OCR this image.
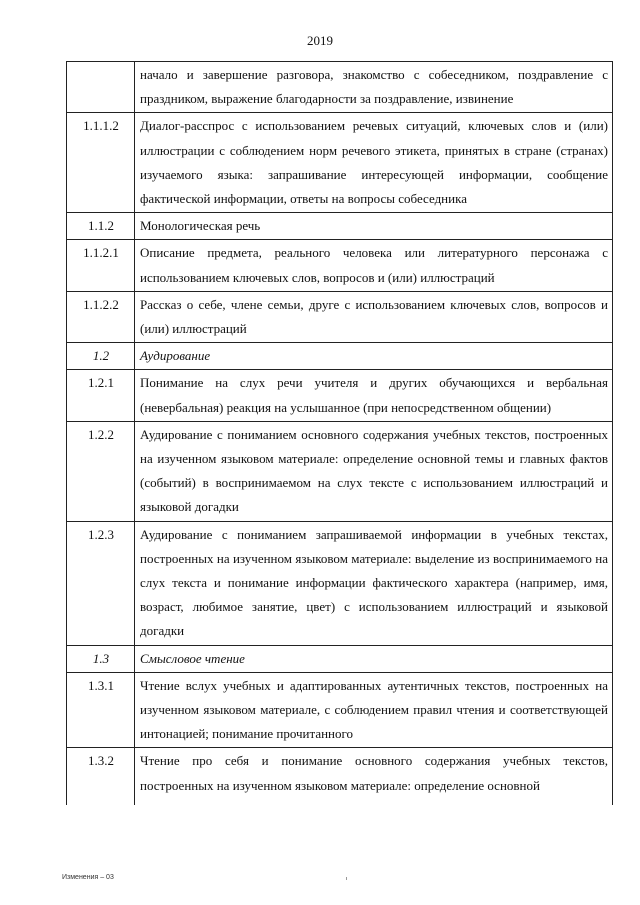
2019
	начало и завершение разговора, знакомство с собеседником, поздравление с праздником, выражение благодарности за поздравление, извинение
1.1.1.2	Диалог-расспрос с использованием речевых ситуаций, ключевых слов и (или) иллюстрации с соблюдением норм речевого этикета, принятых в стране (странах) изучаемого языка: запрашивание интересующей информации, сообщение фактической информации, ответы на вопросы собеседника
1.1.2	Монологическая речь
1.1.2.1	Описание предмета, реального человека или литературного персонажа с использованием ключевых слов, вопросов и (или) иллюстраций
1.1.2.2	Рассказ о себе, члене семьи, друге с использованием ключевых слов, вопросов и (или) иллюстраций
1.2	Аудирование
1.2.1	Понимание на слух речи учителя и других обучающихся и вербальная (невербальная) реакция на услышанное (при непосредственном общении)
1.2.2	Аудирование с пониманием основного содержания учебных текстов, построенных на изученном языковом материале: определение основной темы и главных фактов (событий) в воспринимаемом на слух тексте с использованием иллюстраций и языковой догадки
1.2.3	Аудирование с пониманием запрашиваемой информации в учебных текстах, построенных на изученном языковом материале: выделение из воспринимаемого на слух текста и понимание информации фактического характера (например, имя, возраст, любимое занятие, цвет) с использованием иллюстраций и языковой догадки
1.3	Смысловое чтение
1.3.1	Чтение вслух учебных и адаптированных аутентичных текстов, построенных на изученном языковом материале, с соблюдением правил чтения и соответствующей интонацией; понимание прочитанного
1.3.2	Чтение про себя и понимание основного содержания учебных текстов, построенных на изученном языковом материале: определение основной
Изменения – 03
